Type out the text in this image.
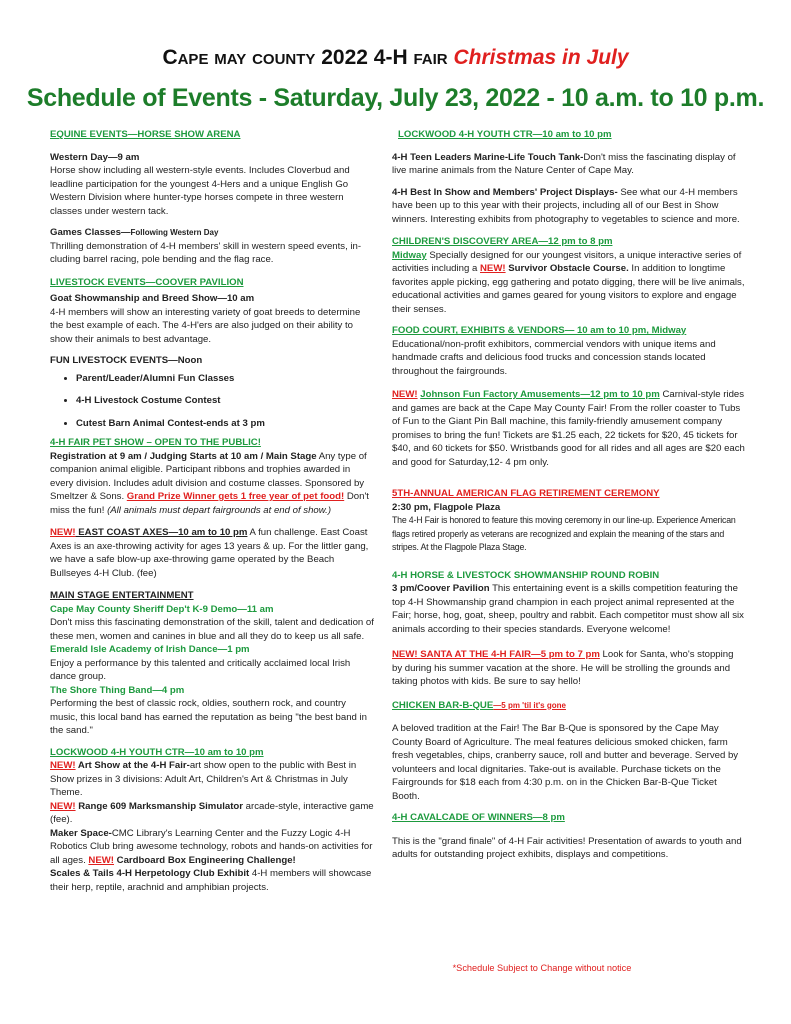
Cape may county 2022 4-H fair Christmas in July
Schedule of Events - Saturday, July 23, 2022 - 10 a.m. to 10 p.m.

EQUINE EVENTS—HORSE SHOW ARENA

Western Day—9 am

Horse show including all western-style events. Includes Cloverbud and leadline participation for the youngest 4-Hers and a unique English Go Western Division where hunter-type horses compete in three western classes under western tack.

Games Classes—Following Western Day

Thrilling demonstration of 4-H members' skill in western speed events, in-cluding barrel racing, pole bending and the flag race.

LIVESTOCK EVENTS—COOVER PAVILION

Goat Showmanship and Breed Show—10 am

4-H members will show an interesting variety of goat breeds to determine the best example of each. The 4-H'ers are also judged on their ability to show their animals to best advantage.

FUN LIVESTOCK EVENTS—Noon

• Parent/Leader/Alumni Fun Classes
• 4-H Livestock Costume Contest
• Cutest Barn Animal Contest-ends at 3 pm

4-H FAIR PET SHOW – OPEN TO THE PUBLIC!

Registration at 9 am / Judging Starts at 10 am / Main Stage Any type of companion animal eligible. Participant ribbons and trophies awarded in every division. Includes adult division and costume classes. Sponsored by Smeltzer & Sons. Grand Prize Winner gets 1 free year of pet food! Don't miss the fun! (All animals must depart fairgrounds at end of show.)

NEW! EAST COAST AXES—10 am to 10 pm A fun challenge. East Coast Axes is an axe-throwing activity for ages 13 years & up. For the littler gang, we have a safe blow-up axe-throwing game operated by the Beach Bullseyes 4-H Club. (fee)

MAIN STAGE ENTERTAINMENT

Cape May County Sheriff Dep't K-9 Demo—11 am

Don't miss this fascinating demonstration of the skill, talent and dedication of these men, women and canines in blue and all they do to keep us all safe.

Emerald Isle Academy of Irish Dance—1 pm

Enjoy a performance by this talented and critically acclaimed local Irish dance group.

The Shore Thing Band—4 pm

Performing the best of classic rock, oldies, southern rock, and country music, this local band has earned the reputation as being "the best band in the sand."

LOCKWOOD 4-H YOUTH CTR—10 am to 10 pm

NEW! Art Show at the 4-H Fair-art show open to the public with Best in Show prizes in 3 divisions: Adult Art, Children's Art & Christmas in July Theme.

NEW! Range 609 Marksmanship Simulator arcade-style, interactive game (fee).

Maker Space-CMC Library's Learning Center and the Fuzzy Logic 4-H Robotics Club bring awesome technology, robots and hands-on activities for all ages. NEW! Cardboard Box Engineering Challenge!

Scales & Tails 4-H Herpetology Club Exhibit 4-H members will showcase their herp, reptile, arachnid and amphibian projects.

LOCKWOOD 4-H YOUTH CTR—10 am to 10 pm

4-H Teen Leaders Marine-Life Touch Tank-Don't miss the fascinating display of live marine animals from the Nature Center of Cape May.

4-H Best In Show and Members' Project Displays- See what our 4-H members have been up to this year with their projects, including all of our Best in Show winners. Interesting exhibits from photography to vegetables to science and more.

CHILDREN'S DISCOVERY AREA—12 pm to 8 pm

Midway Specially designed for our youngest visitors, a unique interactive series of activities including a NEW! Survivor Obstacle Course. In addition to longtime favorites apple picking, egg gathering and potato digging, there will be live animals, educational activities and games geared for young visitors to explore and engage their senses.

FOOD COURT, EXHIBITS & VENDORS— 10 am to 10 pm, Midway

Educational/non-profit exhibitors, commercial vendors with unique items and handmade crafts and delicious food trucks and concession stands located throughout the fairgrounds.

NEW! Johnson Fun Factory Amusements—12 pm to 10 pm Carnival-style rides and games are back at the Cape May County Fair! From the roller coaster to Tubs of Fun to the Giant Pin Ball machine, this family-friendly amusement company promises to bring the fun! Tickets are $1.25 each, 22 tickets for $20, 45 tickets for $40, and 60 tickets for $50. Wristbands good for all rides and all ages are $20 each and good for Saturday,12- 4 pm only.

5TH-ANNUAL AMERICAN FLAG RETIREMENT CEREMONY

2:30 pm, Flagpole Plaza

The 4-H Fair is honored to feature this moving ceremony in our line-up. Experience American flags retired properly as veterans are recognized and explain the meaning of the stars and stripes. At the Flagpole Plaza Stage.

4-H HORSE & LIVESTOCK SHOWMANSHIP ROUND ROBIN

3 pm/Coover Pavilion This entertaining event is a skills competition featuring the top 4-H Showmanship grand champion in each project animal represented at the Fair; horse, hog, goat, sheep, poultry and rabbit. Each competitor must show all six animals according to their species standards. Everyone welcome!

NEW! SANTA AT THE 4-H FAIR—5 pm to 7 pm Look for Santa, who's stopping by during his summer vacation at the shore. He will be strolling the grounds and taking photos with kids. Be sure to say hello!

CHICKEN BAR-B-QUE—5 pm 'til it's gone

A beloved tradition at the Fair! The Bar B-Que is sponsored by the Cape May County Board of Agriculture. The meal features delicious smoked chicken, farm fresh vegetables, chips, cranberry sauce, roll and butter and beverage. Served by volunteers and local dignitaries. Take-out is available. Purchase tickets on the Fairgrounds for $18 each from 4:30 p.m. on in the Chicken Bar-B-Que Ticket Booth.

4-H CAVALCADE OF WINNERS—8 pm

This is the "grand finale" of 4-H Fair activities! Presentation of awards to youth and adults for outstanding project exhibits, displays and competitions.

*Schedule Subject to Change without notice
